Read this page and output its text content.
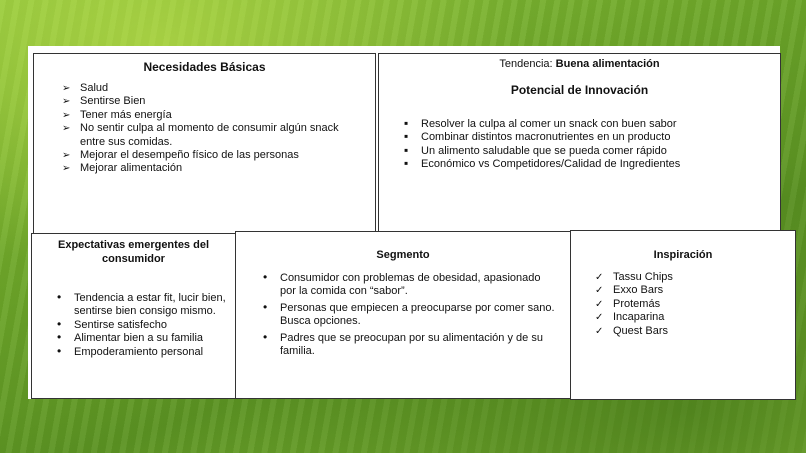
Necesidades Básicas
➢ Salud
➢ Sentirse Bien
➢ Tener más energía
➢ No sentir culpa al momento de consumir algún snack entre sus comidas.
➢ Mejorar el desempeño físico de las personas
➢ Mejorar alimentación
Tendencia: Buena alimentación
Potencial de Innovación
▪ Resolver la culpa al comer un snack con buen sabor
▪ Combinar distintos macronutrientes en un producto
▪ Un alimento saludable que se pueda comer rápido
▪ Económico vs Competidores/Calidad de Ingredientes
Expectativas emergentes del consumidor
• Tendencia a estar fit, lucir bien, sentirse bien consigo mismo.
• Sentirse satisfecho
• Alimentar bien a su familia
• Empoderamiento personal
Segmento
• Consumidor con problemas de obesidad, apasionado por la comida con “sabor”.
• Personas que empiecen a preocuparse por comer sano. Busca opciones.
• Padres que se preocupan por su alimentación y de su familia.
Inspiración
✓ Tassu Chips
✓ Exxo Bars
✓ Protemás
✓ Incaparina
✓ Quest Bars
